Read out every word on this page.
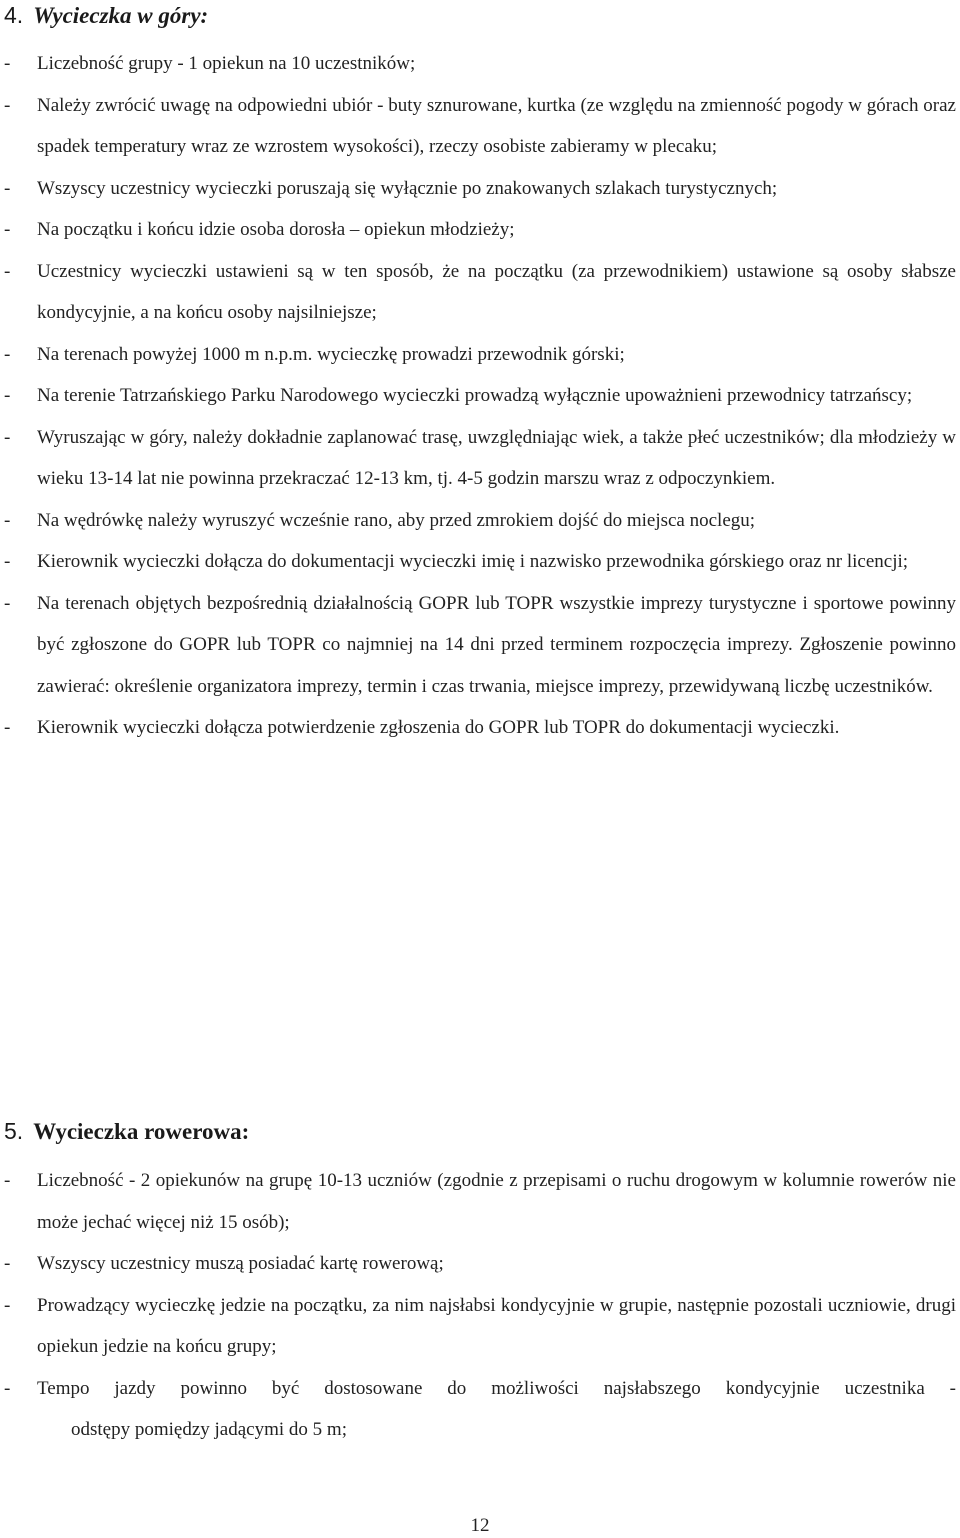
4. Wycieczka w góry:
- Liczebność grupy - 1 opiekun na 10 uczestników;
- Należy zwrócić uwagę na odpowiedni ubiór - buty sznurowane, kurtka (ze względu na zmienność pogody w górach oraz spadek temperatury wraz ze wzrostem wysokości), rzeczy osobiste zabieramy w plecaku;
- Wszyscy uczestnicy wycieczki poruszają się wyłącznie po znakowanych szlakach turystycznych;
- Na początku i końcu idzie osoba dorosła – opiekun młodzieży;
- Uczestnicy wycieczki ustawieni są w ten sposób, że na początku (za przewodnikiem) ustawione są osoby słabsze kondycyjnie, a na końcu osoby najsilniejsze;
- Na terenach powyżej 1000 m n.p.m. wycieczkę prowadzi przewodnik górski;
- Na terenie Tatrzańskiego Parku Narodowego wycieczki prowadzą wyłącznie upoważnieni przewodnicy tatrzańscy;
- Wyruszając w góry, należy dokładnie zaplanować trasę, uwzględniając wiek, a także płeć uczestników; dla młodzieży w wieku 13-14 lat nie powinna przekraczać 12-13 km, tj. 4-5 godzin marszu wraz z odpoczynkiem.
- Na wędrówkę należy wyruszyć wcześnie rano, aby przed zmrokiem dojść do miejsca noclegu;
- Kierownik wycieczki dołącza do dokumentacji wycieczki imię i nazwisko przewodnika górskiego oraz nr licencji;
- Na terenach objętych bezpośrednią działalnością GOPR lub TOPR wszystkie imprezy turystyczne i sportowe powinny być zgłoszone do GOPR lub TOPR co najmniej na 14 dni przed terminem rozpoczęcia imprezy. Zgłoszenie powinno zawierać: określenie organizatora imprezy, termin i czas trwania, miejsce imprezy, przewidywaną liczbę uczestników.
- Kierownik wycieczki dołącza potwierdzenie zgłoszenia do GOPR lub TOPR do dokumentacji wycieczki.
5. Wycieczka rowerowa:
- Liczebność - 2 opiekunów na grupę 10-13 uczniów (zgodnie z przepisami o ruchu drogowym w kolumnie rowerów nie może jechać więcej niż 15 osób);
- Wszyscy uczestnicy muszą posiadać kartę rowerową;
- Prowadzący wycieczkę jedzie na początku, za nim najsłabsi kondycyjnie w grupie, następnie pozostali uczniowie, drugi opiekun jedzie na końcu grupy;
- Tempo jazdy powinno być dostosowane do możliwości najsłabszego kondycyjnie uczestnika -
odstępy pomiędzy jadącymi do 5 m;
12
